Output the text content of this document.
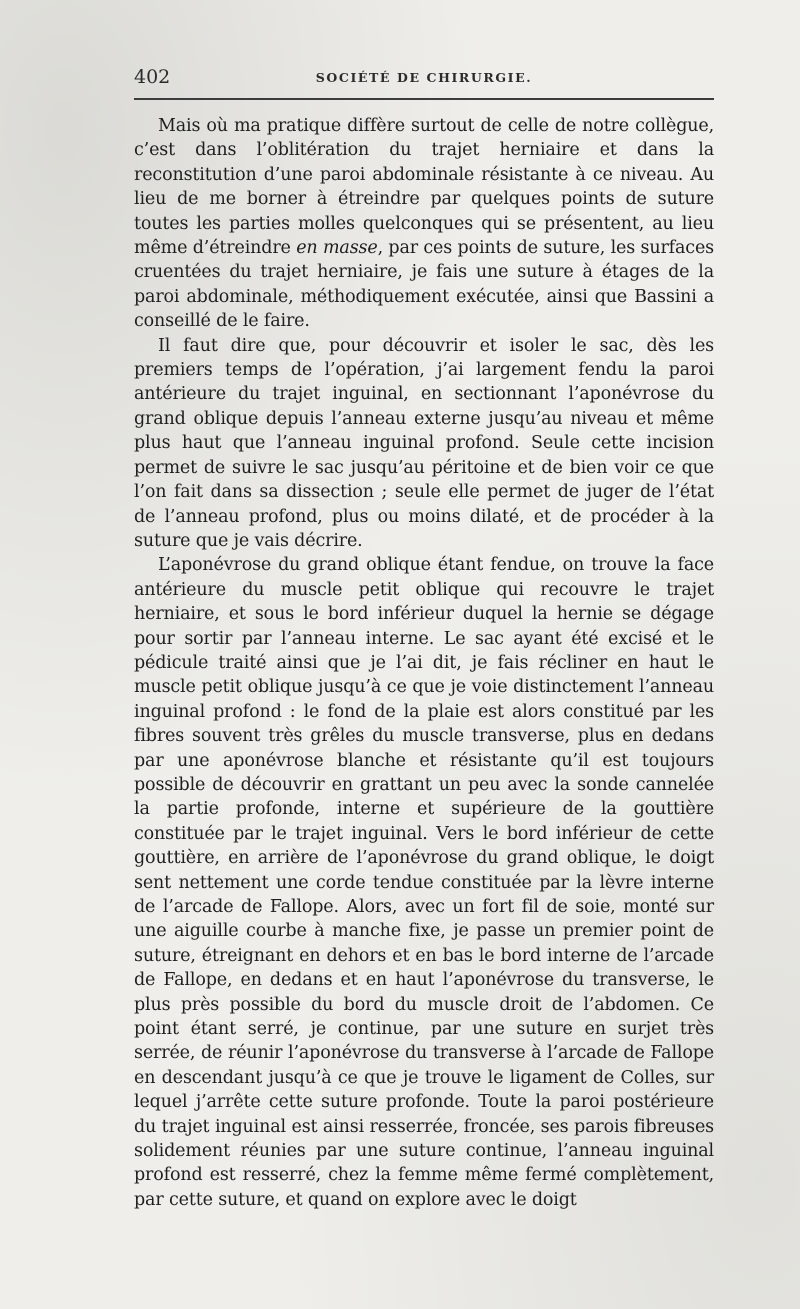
402	SOCIÉTÉ DE CHIRURGIE.

Mais où ma pratique diffère surtout de celle de notre collègue, c’est dans l’oblitération du trajet herniaire et dans la reconstitution d’une paroi abdominale résistante à ce niveau. Au lieu de me borner à étreindre par quelques points de suture toutes les parties molles quelconques qui se présentent, au lieu même d’étreindre en masse, par ces points de suture, les surfaces cruentées du trajet herniaire, je fais une suture à étages de la paroi abdominale, méthodiquement exécutée, ainsi que Bassini a conseillé de le faire.

Il faut dire que, pour découvrir et isoler le sac, dès les premiers temps de l’opération, j’ai largement fendu la paroi antérieure du trajet inguinal, en sectionnant l’aponévrose du grand oblique depuis l’anneau externe jusqu’au niveau et même plus haut que l’anneau inguinal profond. Seule cette incision permet de suivre le sac jusqu’au péritoine et de bien voir ce que l’on fait dans sa dissection ; seule elle permet de juger de l’état de l’anneau profond, plus ou moins dilaté, et de procéder à la suture que je vais décrire.

L’aponévrose du grand oblique étant fendue, on trouve la face antérieure du muscle petit oblique qui recouvre le trajet herniaire, et sous le bord inférieur duquel la hernie se dégage pour sortir par l’anneau interne. Le sac ayant été excisé et le pédicule traité ainsi que je l’ai dit, je fais récliner en haut le muscle petit oblique jusqu’à ce que je voie distinctement l’anneau inguinal profond : le fond de la plaie est alors constitué par les fibres souvent très grêles du muscle transverse, plus en dedans par une aponévrose blanche et résistante qu’il est toujours possible de découvrir en grattant un peu avec la sonde cannelée la partie profonde, interne et supérieure de la gouttière constituée par le trajet inguinal. Vers le bord inférieur de cette gouttière, en arrière de l’aponévrose du grand oblique, le doigt sent nettement une corde tendue constituée par la lèvre interne de l’arcade de Fallope. Alors, avec un fort fil de soie, monté sur une aiguille courbe à manche fixe, je passe un premier point de suture, étreignant en dehors et en bas le bord interne de l’arcade de Fallope, en dedans et en haut l’aponévrose du transverse, le plus près possible du bord du muscle droit de l’abdomen. Ce point étant serré, je continue, par une suture en surjet très serrée, de réunir l’aponévrose du transverse à l’arcade de Fallope en descendant jusqu’à ce que je trouve le ligament de Colles, sur lequel j’arrête cette suture profonde. Toute la paroi postérieure du trajet inguinal est ainsi resserrée, froncée, ses parois fibreuses solidement réunies par une suture continue, l’anneau inguinal profond est resserré, chez la femme même fermé complètement, par cette suture, et quand on explore avec le doigt
